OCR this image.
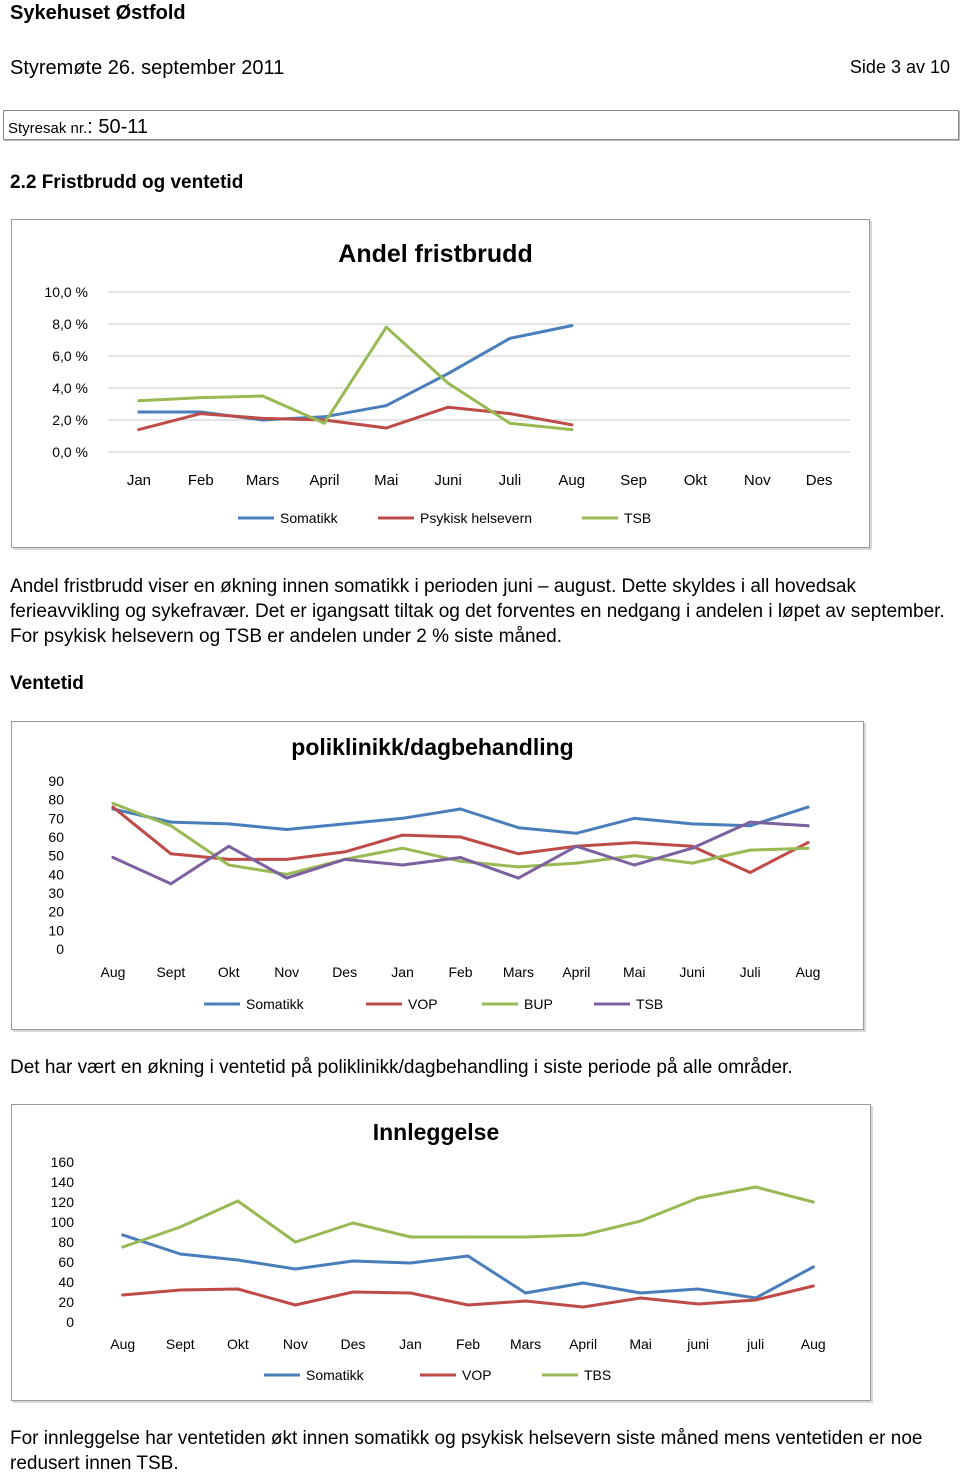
Sykehuset Østfold
Styremøte 26. september 2011	Side 3 av 10
Styresak nr.: 50-11
2.2 Fristbrudd og ventetid
Andel fristbrudd
0,0 %
2,0 %
4,0 %
6,0 %
8,0 %
10,0 %
Jan Feb Mars April Mai Juni Juli Aug Sep Okt Nov Des
Somatikk	Psykisk helsevern	TSB
Andel fristbrudd viser en økning innen somatikk i perioden juni – august. Dette skyldes i all hovedsak ferieavvikling og sykefravær. Det er igangsatt tiltak og det forventes en nedgang i andelen i løpet av september. For psykisk helsevern og TSB er andelen under 2 % siste måned.
Ventetid
poliklinikk/dagbehandling
0
10
20
30
40
50
60
70
80
90
Aug Sept Okt Nov Des Jan Feb Mars April Mai Juni Juli Aug
Somatikk	VOP	BUP	TSB
Det har vært en økning i ventetid på poliklinikk/dagbehandling i siste periode på alle områder.
Innleggelse
0
20
40
60
80
100
120
140
160
Aug Sept Okt Nov Des Jan Feb Mars April Mai	juni	juli	Aug
Somatikk	VOP	TBS
For innleggelse har ventetiden økt innen somatikk og psykisk helsevern siste måned mens ventetiden er noe redusert innen TSB.
